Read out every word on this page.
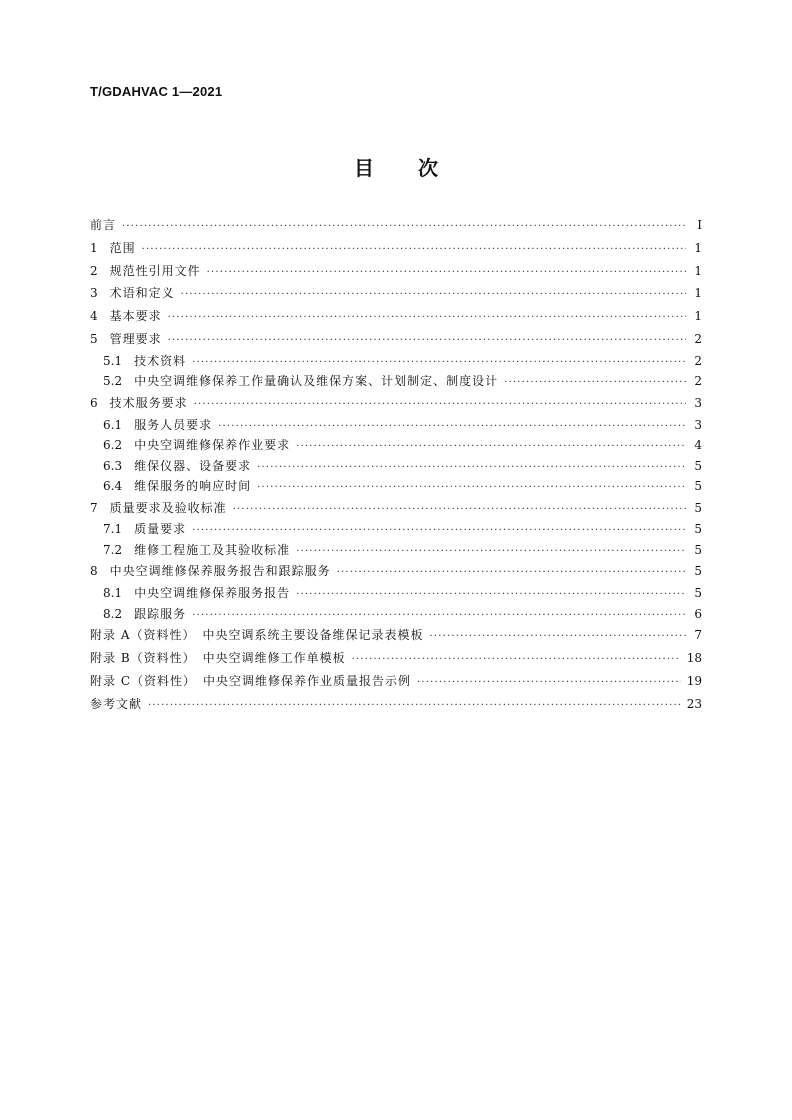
T/GDAHVAC 1—2021
目 次
前言 ·····	I
1 范围 ·····	1
2 规范性引用文件 ·····	1
3 术语和定义 ·····	1
4 基本要求 ·····	1
5 管理要求 ·····	2
5.1 技术资料 ·····	2
5.2 中央空调维修保养工作量确认及维保方案、计划制定、制度设计 ·····	2
6 技术服务要求 ·····	3
6.1 服务人员要求 ·····	3
6.2 中央空调维修保养作业要求 ·····	4
6.3 维保仪器、设备要求 ·····	5
6.4 维保服务的响应时间 ·····	5
7 质量要求及验收标准 ·····	5
7.1 质量要求 ·····	5
7.2 维修工程施工及其验收标准 ·····	5
8 中央空调维修保养服务报告和跟踪服务 ·····	5
8.1 中央空调维修保养服务报告 ·····	5
8.2 跟踪服务 ·····	6
附录 A（资料性）　中央空调系统主要设备维保记录表模板 ·····	7
附录 B（资料性）　中央空调维修工作单模板 ·····	18
附录 C（资料性）　中央空调维修保养作业质量报告示例 ·····	19
参考文献 ·····	23
